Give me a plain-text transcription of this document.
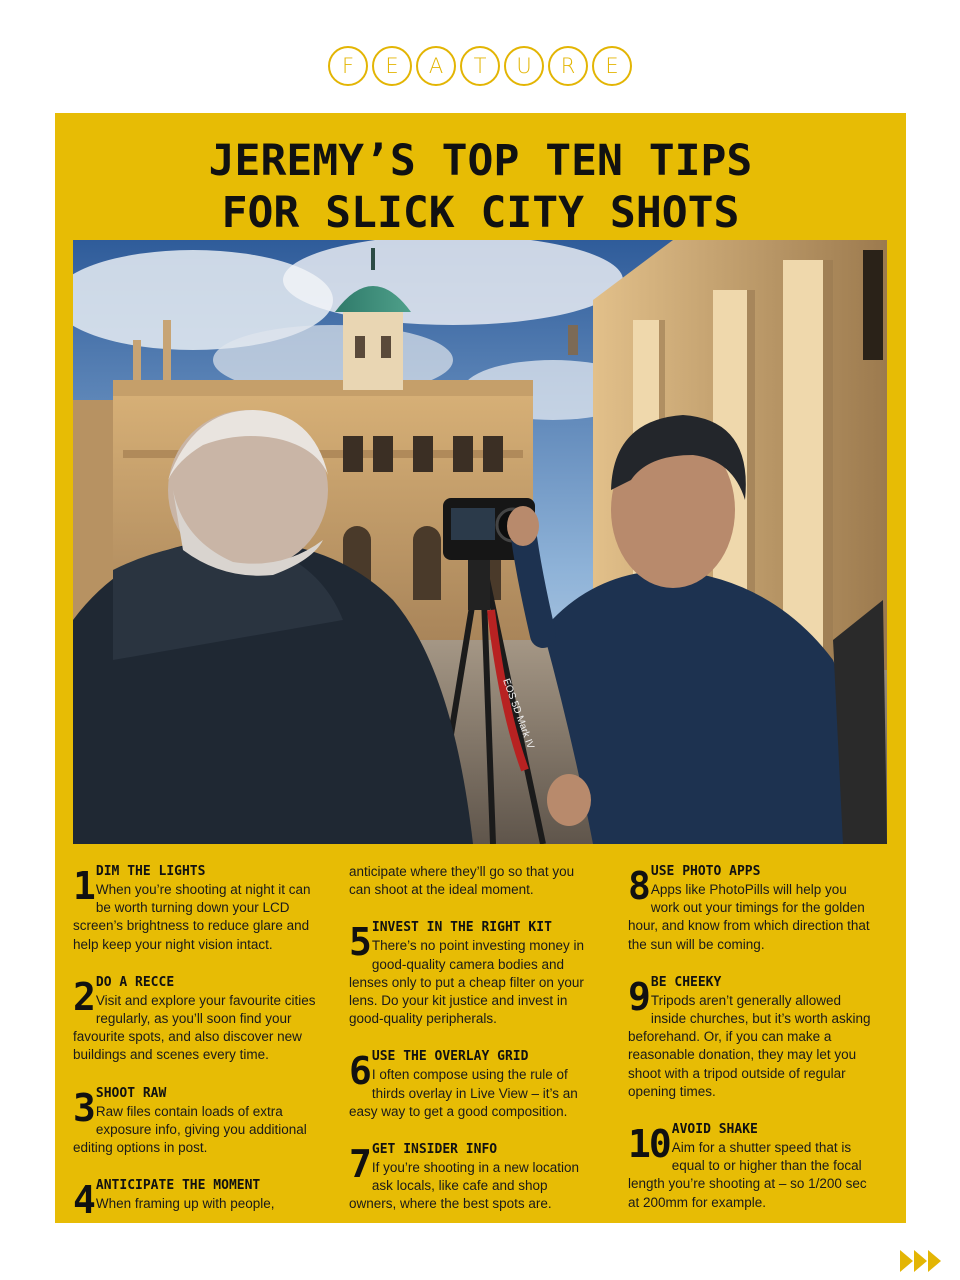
F	E	A	T	U	R	E
JEREMY’S TOP TEN TIPS
FOR SLICK CITY SHOTS
EOS 5D Mark IV
1 DIM THE LIGHTS
When you’re shooting at night it can be worth turning down your LCD screen’s brightness to reduce glare and help keep your night vision intact.
2 DO A RECCE
Visit and explore your favourite cities regularly, as you’ll soon find your favourite spots, and also discover new buildings and scenes every time.
3 SHOOT RAW
Raw files contain loads of extra exposure info, giving you additional editing options in post.
4 ANTICIPATE THE MOMENT
When framing up with people,
anticipate where they’ll go so that you can shoot at the ideal moment.
5 INVEST IN THE RIGHT KIT
There’s no point investing money in good-quality camera bodies and lenses only to put a cheap filter on your lens. Do your kit justice and invest in good-quality peripherals.
6 USE THE OVERLAY GRID
I often compose using the rule of thirds overlay in Live View – it’s an easy way to get a good composition.
7 GET INSIDER INFO
If you’re shooting in a new location ask locals, like cafe and shop owners, where the best spots are.
8 USE PHOTO APPS
Apps like PhotoPills will help you work out your timings for the golden hour, and know from which direction that the sun will be coming.
9 BE CHEEKY
Tripods aren’t generally allowed inside churches, but it’s worth asking beforehand. Or, if you can make a reasonable donation, they may let you shoot with a tripod outside of regular opening times.
10 AVOID SHAKE
Aim for a shutter speed that is equal to or higher than the focal length you’re shooting at – so 1/200 sec at 200mm for example.
